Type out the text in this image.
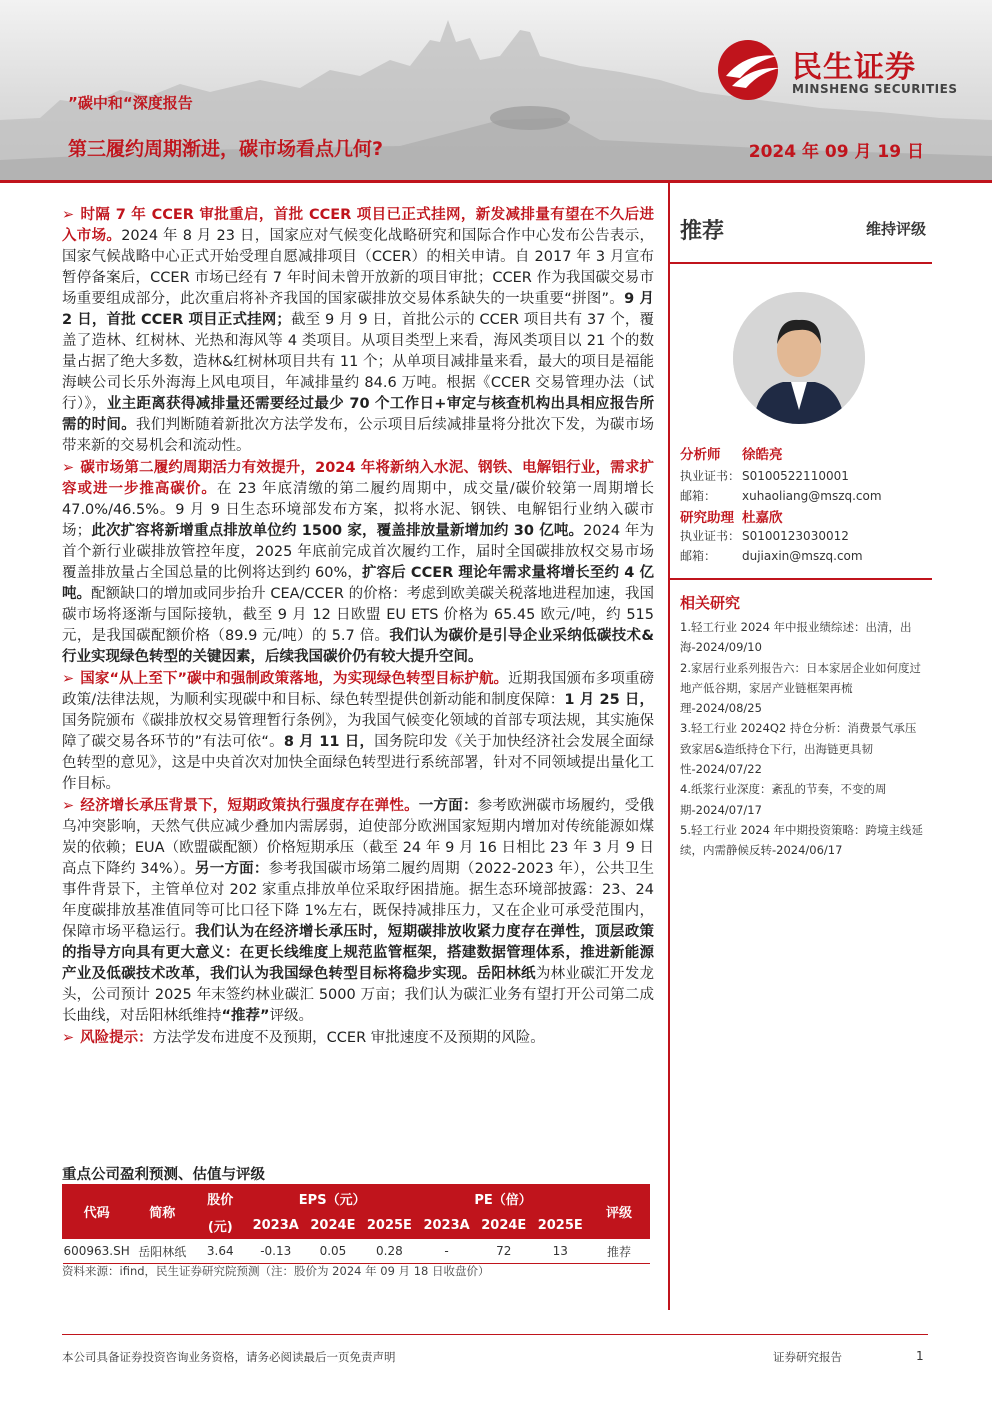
民生证券
MINSHENG SECURITIES
”碳中和“深度报告
第三履约周期渐进，碳市场看点几何?	2024 年 09 月 19 日

➢ 时隔 7 年 CCER 审批重启，首批 CCER 项目已正式挂网，新发减排量有望在不久后进入市场。2024 年 8 月 23 日，国家应对气候变化战略研究和国际合作中心发布公告表示，国家气候战略中心正式开始受理自愿减排项目（CCER）的相关申请。自 2017 年 3 月宣布暂停备案后，CCER 市场已经有 7 年时间未曾开放新的项目审批；CCER 作为我国碳交易市场重要组成部分，此次重启将补齐我国的国家碳排放交易体系缺失的一块重要“拼图”。9 月 2 日，首批 CCER 项目正式挂网；截至 9 月 9 日，首批公示的 CCER 项目共有 37 个，覆盖了造林、红树林、光热和海风等 4 类项目。从项目类型上来看，海风类项目以 21 个的数量占据了绝大多数，造林&红树林项目共有 11 个；从单项目减排量来看，最大的项目是福能海峡公司长乐外海海上风电项目，年减排量约 84.6 万吨。根据《CCER 交易管理办法（试行）》，业主距离获得减排量还需要经过最少 70 个工作日+审定与核查机构出具相应报告所需的时间。我们判断随着新批次方法学发布，公示项目后续减排量将分批次下发，为碳市场带来新的交易机会和流动性。

➢ 碳市场第二履约周期活力有效提升，2024 年将新纳入水泥、钢铁、电解铝行业，需求扩容或进一步推高碳价。在 23 年底清缴的第二履约周期中，成交量/碳价较第一周期增长 47.0%/46.5%。9 月 9 日生态环境部发布方案，拟将水泥、钢铁、电解铝行业纳入碳市场；此次扩容将新增重点排放单位约 1500 家，覆盖排放量新增加约 30 亿吨。2024 年为首个新行业碳排放管控年度，2025 年底前完成首次履约工作，届时全国碳排放权交易市场覆盖排放量占全国总量的比例将达到约 60%，扩容后 CCER 理论年需求量将增长至约 4 亿吨。配额缺口的增加或同步抬升 CEA/CCER 的价格：考虑到欧美碳关税落地进程加速，我国碳市场将逐渐与国际接轨，截至 9 月 12 日欧盟 EU ETS 价格为 65.45 欧元/吨，约 515 元，是我国碳配额价格（89.9 元/吨）的 5.7 倍。我们认为碳价是引导企业采纳低碳技术&行业实现绿色转型的关键因素，后续我国碳价仍有较大提升空间。

➢ 国家“从上至下”碳中和强制政策落地，为实现绿色转型目标护航。近期我国颁布多项重磅政策/法律法规，为顺利实现碳中和目标、绿色转型提供创新动能和制度保障：1 月 25 日，国务院颁布《碳排放权交易管理暂行条例》，为我国气候变化领域的首部专项法规，其实施保障了碳交易各环节的”有法可依“。8 月 11 日，国务院印发《关于加快经济社会发展全面绿色转型的意见》，这是中央首次对加快全面绿色转型进行系统部署，针对不同领域提出量化工作目标。

➢ 经济增长承压背景下，短期政策执行强度存在弹性。一方面：参考欧洲碳市场履约，受俄乌冲突影响，天然气供应减少叠加内需孱弱，迫使部分欧洲国家短期内增加对传统能源如煤炭的依赖；EUA（欧盟碳配额）价格短期承压（截至 24 年 9 月 16 日相比 23 年 3 月 9 日高点下降约 34%）。另一方面：参考我国碳市场第二履约周期（2022-2023 年），公共卫生事件背景下，主管单位对 202 家重点排放单位采取纾困措施。据生态环境部披露：23、24 年度碳排放基准值同等可比口径下降 1%左右，既保持减排压力，又在企业可承受范围内，保障市场平稳运行。我们认为在经济增长承压时，短期碳排放收紧力度存在弹性，顶层政策的指导方向具有更大意义：在更长线维度上规范监管框架，搭建数据管理体系，推进新能源产业及低碳技术改革，我们认为我国绿色转型目标将稳步实现。岳阳林纸为林业碳汇开发龙头，公司预计 2025 年末签约林业碳汇 5000 万亩；我们认为碳汇业务有望打开公司第二成长曲线，对岳阳林纸维持“推荐”评级。

➢ 风险提示：方法学发布进度不及预期，CCER 审批速度不及预期的风险。

推荐	维持评级
分析师 徐皓亮
执业证书： S0100522110001
邮箱： xuhaoliang@mszq.com
研究助理 杜嘉欣
执业证书： S0100123030012
邮箱： dujiaxin@mszq.com
相关研究
1.轻工行业 2024 年中报业绩综述：出清，出海-2024/09/10
2.家居行业系列报告六：日本家居企业如何度过地产低谷期，家居产业链框架再梳理-2024/08/25
3.轻工行业 2024Q2 持仓分析：消费景气承压致家居&造纸持仓下行，出海链更具韧性-2024/07/22
4.纸浆行业深度：紊乱的节奏，不变的周期-2024/07/17
5.轻工行业 2024 年中期投资策略：跨境主线延续，内需静候反转-2024/06/17
重点公司盈利预测、估值与评级
代码	简称	股价	EPS（元）			PE（倍）			评级
		(元)	2023A	2024E	2025E	2023A	2024E	2025E	
600963.SH	岳阳林纸	3.64	-0.13	0.05	0.28	-	72	13	推荐
资料来源：ifind，民生证券研究院预测（注：股价为 2024 年 09 月 18 日收盘价）
本公司具备证券投资咨询业务资格，请务必阅读最后一页免责声明	证券研究报告	1
